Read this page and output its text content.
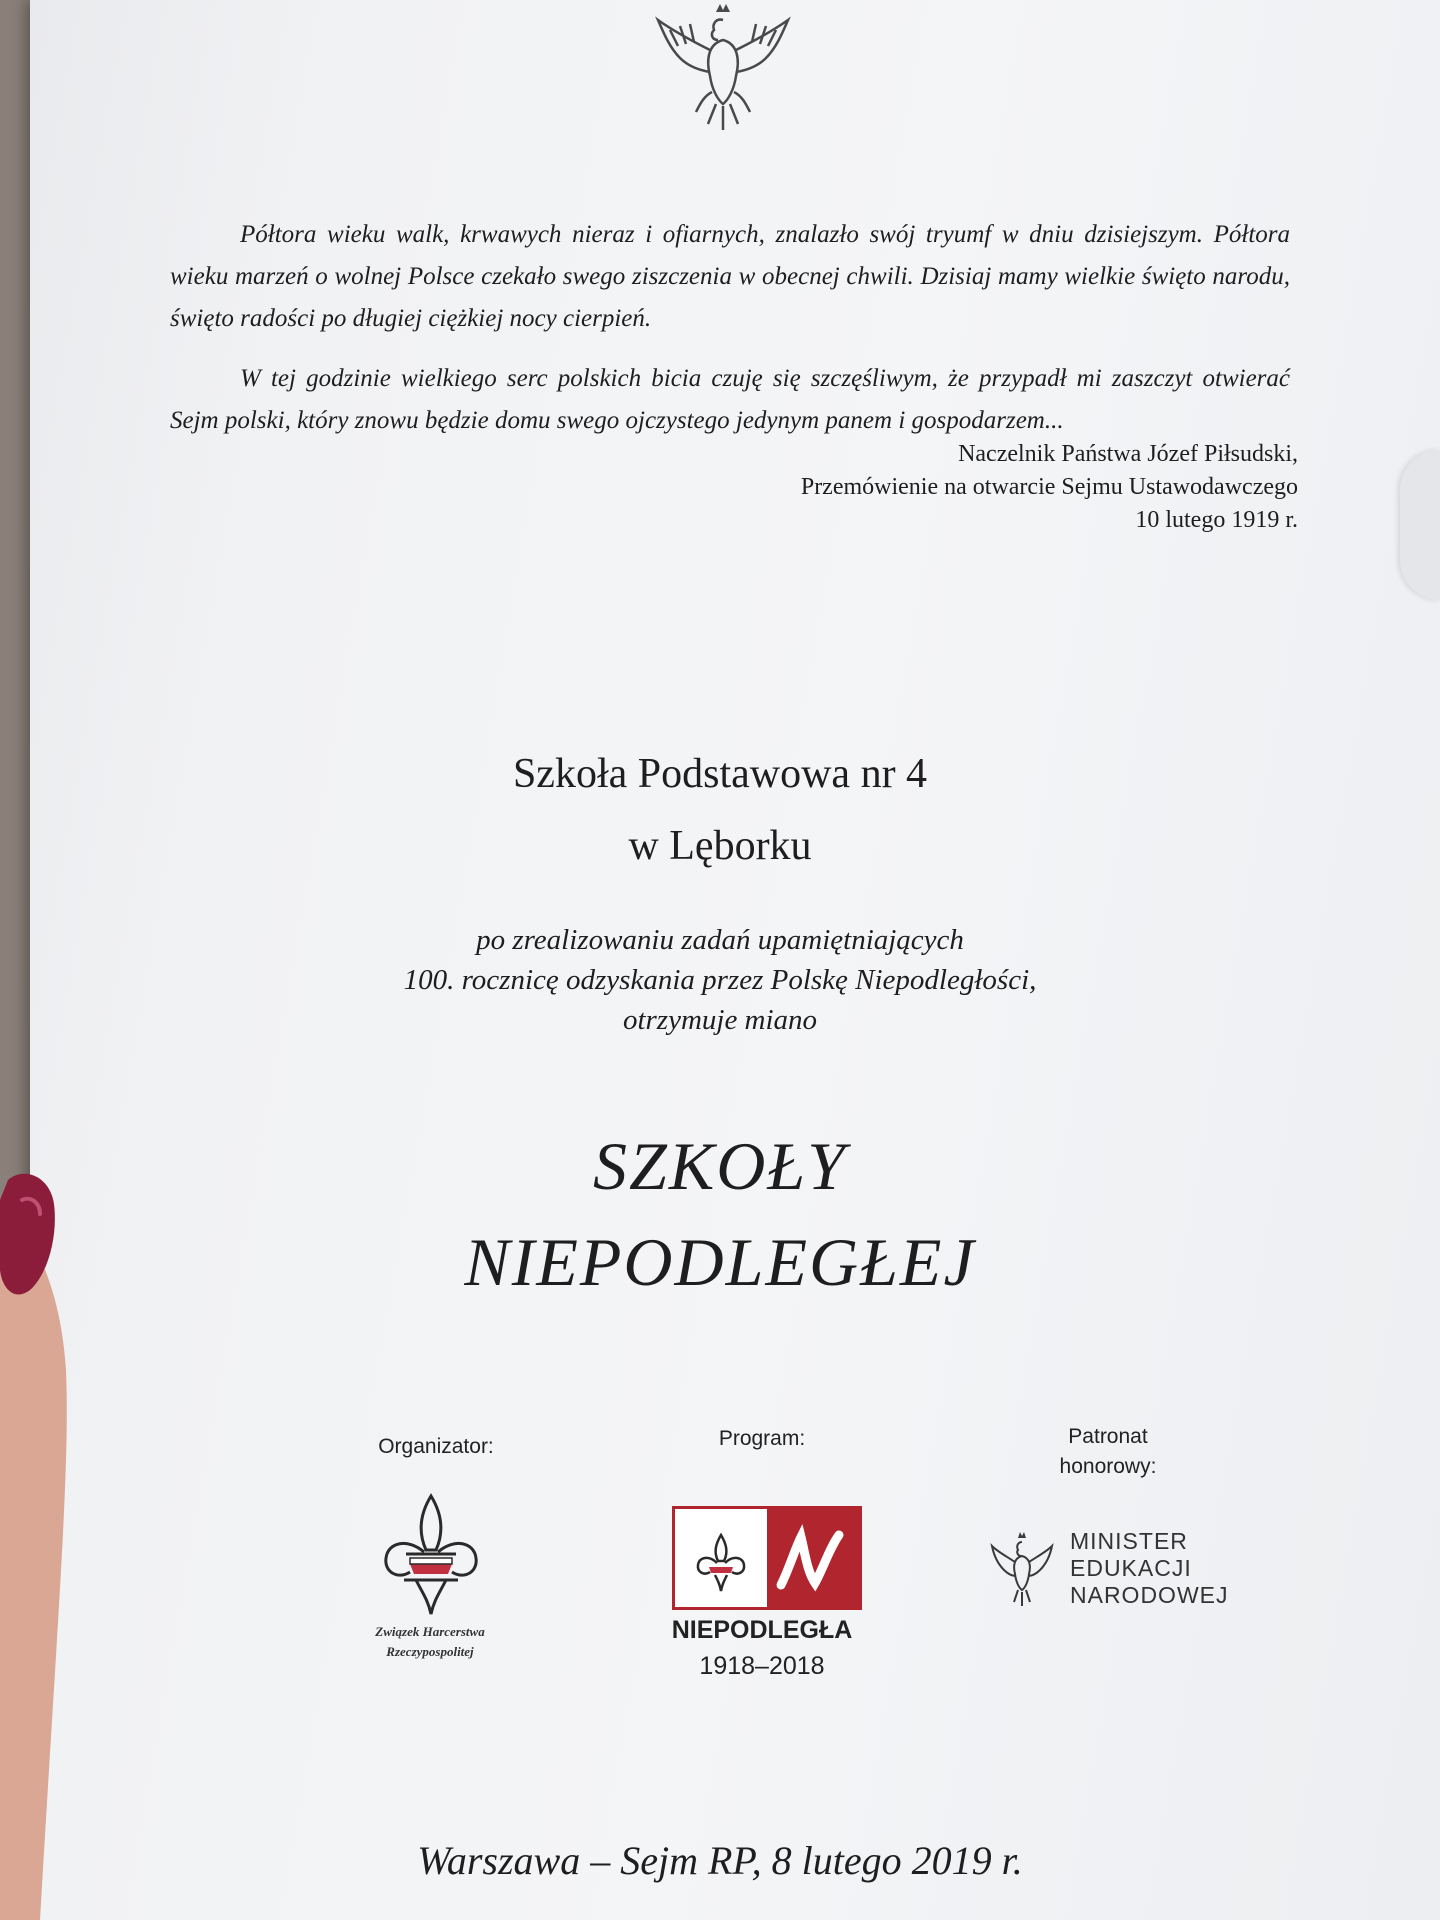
Półtora wieku walk, krwawych nieraz i ofiarnych, znalazło swój tryumf w dniu dzisiejszym. Półtora wieku marzeń o wolnej Polsce czekało swego ziszczenia w obecnej chwili. Dzisiaj mamy wielkie święto narodu, święto radości po długiej ciężkiej nocy cierpień.
W tej godzinie wielkiego serc polskich bicia czuję się szczęśliwym, że przypadł mi zaszczyt otwierać Sejm polski, który znowu będzie domu swego ojczystego jedynym panem i gospodarzem...
Naczelnik Państwa Józef Piłsudski,
Przemówienie na otwarcie Sejmu Ustawodawczego
10 lutego 1919 r.
Szkoła Podstawowa nr 4
w Lęborku
po zrealizowaniu zadań upamiętniających
100. rocznicę odzyskania przez Polskę Niepodległości,
otrzymuje miano
SZKOŁY
NIEPODLEGŁEJ
Organizator:	Program:	Patronat
honorowy:
Związek Harcerstwa
Rzeczypospolitej
NIEPODLEGŁA
1918–2018
MINISTER
EDUKACJI
NARODOWEJ
Warszawa – Sejm RP, 8 lutego 2019 r.
